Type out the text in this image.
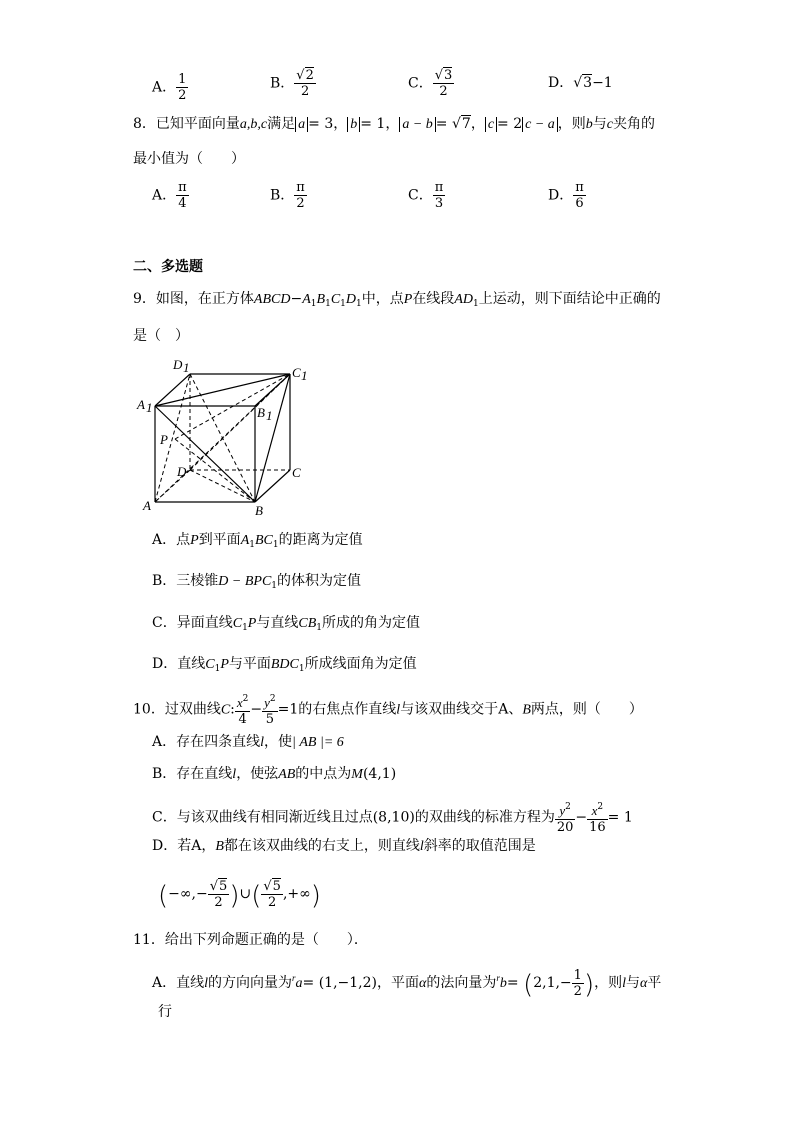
A． $\frac{1}{2}$	B． $\frac{√2}{2}$	C． $\frac{√3}{2}$	D．√3−1
8．已知平面向量a,b,c满足 a = 3， b = 1， a − b = √7， c = 2 c − a ，则b与c夹角的
最小值为（　　）
A． $\frac{\pi}{4}$	B． $\frac{\pi}{2}$	C． $\frac{\pi}{3}$	D． $\frac{\pi}{6}$
二、多选题
9．如图，在正方体$ABCD-A_1B_1C_1D_1$中，点P在线段$AD_1$上运动，则下面结论中正确的
是（　）
D 1	C 1
A 1	B 1
P
D	C
A	B
A．点P到平面$A_1BC_1$的距离为定值
B．三棱锥$D - BPC_1$的体积为定值
C．异面直线$C_1P$与直线$CB_1$所成的角为定值
D．直线$C_1P$与平面$BDC_1$所成线面角为定值
10．过双曲线C: $\frac{x^2}{4} - \frac{y^2}{5} =1$的右焦点作直线l与该双曲线交于A、B两点，则（　　）
A．存在四条直线l，使| AB |= 6
B．存在直线l，使弦AB的中点为M(4,1)
C．与该双曲线有相同渐近线且过点(8,10)的双曲线的标准方程为 $\frac{y^2}{20} - \frac{x^2}{16} = 1$
D．若A，B都在该双曲线的右支上，则直线l斜率的取值范围是
(−∞,− $\frac{√5}{2}$ )∪( $\frac{√5}{2}$ ,+∞)
11．给出下列命题正确的是（　　）．
A．直线l的方向向量为$^r$a= (1,−1,2)，平面α的法向量为$^rb= (2,1,- \frac{1}{2}$ )，则l与α平
行
